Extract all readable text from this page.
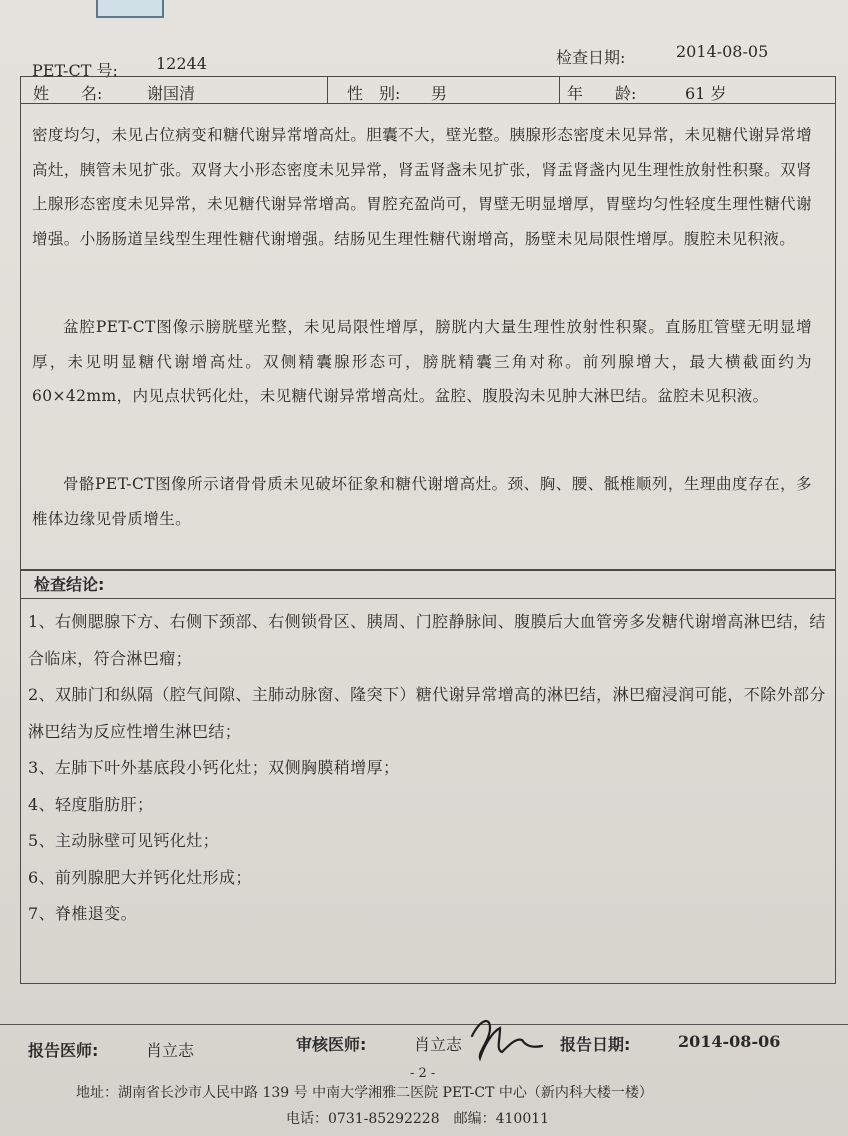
PET-CT 号: 12244	检查日期:	2014-08-05
姓　　名:	谢国清	性　别: 男	年　　龄:	61 岁

密度均匀，未见占位病变和糖代谢异常增高灶。胆囊不大，壁光整。胰腺形态密度未见异常，未见糖代谢异常增高灶，胰管未见扩张。双肾大小形态密度未见异常，肾盂肾盏未见扩张，肾盂肾盏内见生理性放射性积聚。双肾上腺形态密度未见异常，未见糖代谢异常增高。胃腔充盈尚可，胃壁无明显增厚，胃壁均匀性轻度生理性糖代谢增强。小肠肠道呈线型生理性糖代谢增强。结肠见生理性糖代谢增高，肠壁未见局限性增厚。腹腔未见积液。

盆腔PET-CT图像示膀胱壁光整，未见局限性增厚，膀胱内大量生理性放射性积聚。直肠肛管壁无明显增厚，未见明显糖代谢增高灶。双侧精囊腺形态可，膀胱精囊三角对称。前列腺增大，最大横截面约为60×42mm，内见点状钙化灶，未见糖代谢异常增高灶。盆腔、腹股沟未见肿大淋巴结。盆腔未见积液。

骨骼PET-CT图像所示诸骨骨质未见破坏征象和糖代谢增高灶。颈、胸、腰、骶椎顺列，生理曲度存在，多椎体边缘见骨质增生。

检查结论:
1、右侧腮腺下方、右侧下颈部、右侧锁骨区、胰周、门腔静脉间、腹膜后大血管旁多发糖代谢增高淋巴结，结合临床，符合淋巴瘤；
2、双肺门和纵隔（腔气间隙、主肺动脉窗、隆突下）糖代谢异常增高的淋巴结，淋巴瘤浸润可能，不除外部分淋巴结为反应性增生淋巴结；
3、左肺下叶外基底段小钙化灶；双侧胸膜稍增厚；
4、轻度脂肪肝；
5、主动脉壁可见钙化灶；
6、前列腺肥大并钙化灶形成；
7、脊椎退变。
报告医师:	肖立志	审核医师:	肖立志	报告日期:	2014-08-06
- 2 -
地址：湖南省长沙市人民中路 139 号 中南大学湘雅二医院 PET-CT 中心（新内科大楼一楼）
电话：0731-85292228　邮编：410011
